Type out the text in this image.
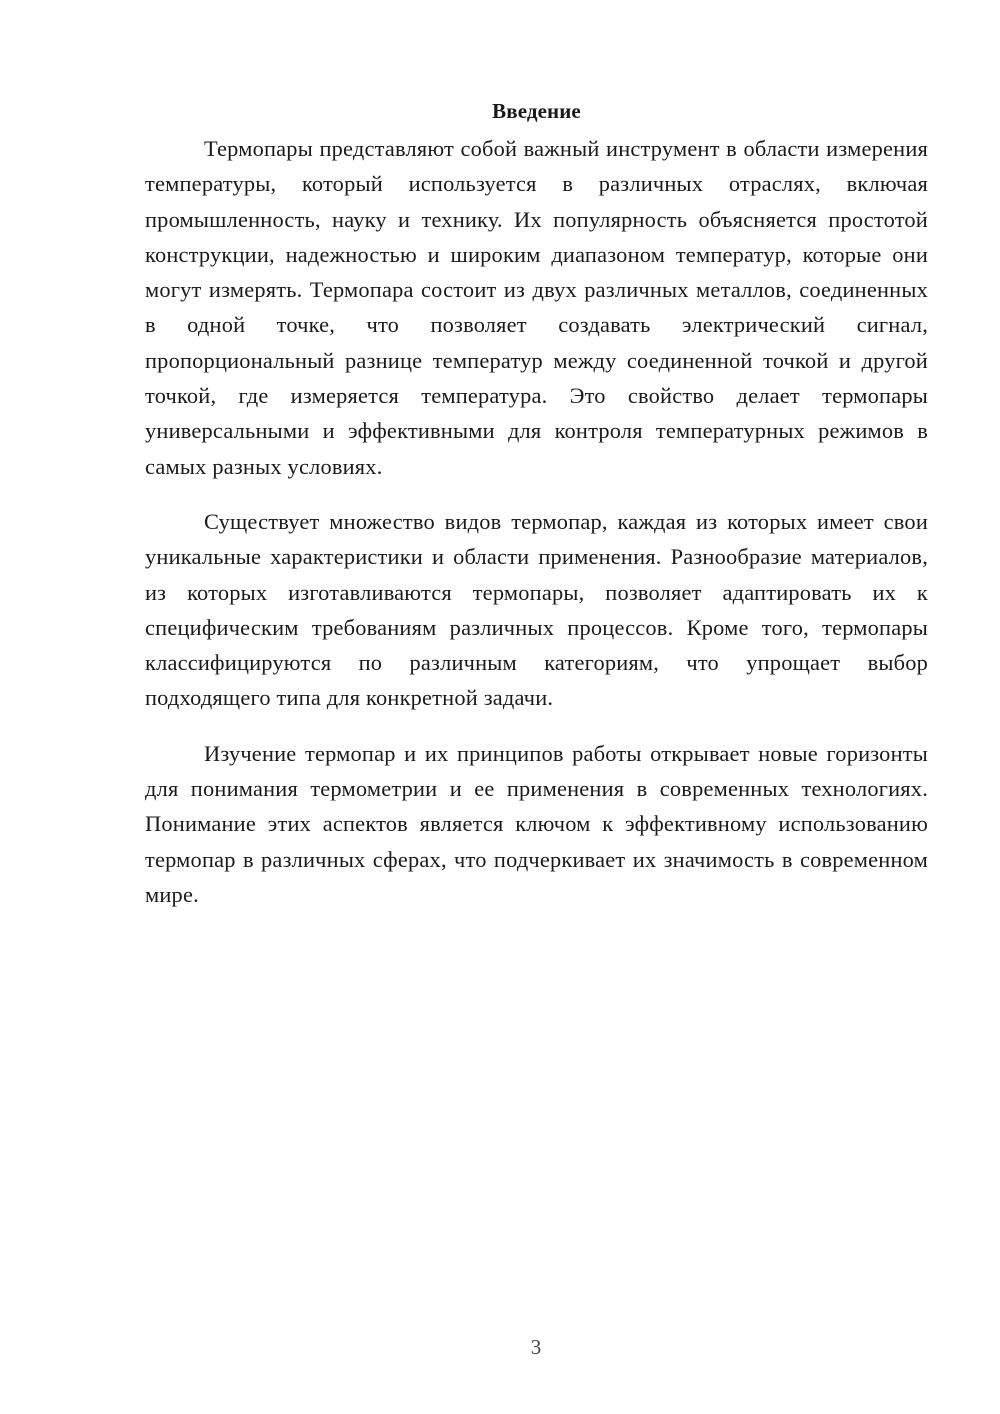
Введение

Термопары представляют собой важный инструмент в области измерения температуры, который используется в различных отраслях, включая промышленность, науку и технику. Их популярность объясняется простотой конструкции, надежностью и широким диапазоном температур, которые они могут измерять. Термопара состоит из двух различных металлов, соединенных в одной точке, что позволяет создавать электрический сигнал, пропорциональный разнице температур между соединенной точкой и другой точкой, где измеряется температура. Это свойство делает термопары универсальными и эффективными для контроля температурных режимов в самых разных условиях.

Существует множество видов термопар, каждая из которых имеет свои уникальные характеристики и области применения. Разнообразие материалов, из которых изготавливаются термопары, позволяет адаптировать их к специфическим требованиям различных процессов. Кроме того, термопары классифицируются по различным категориям, что упрощает выбор подходящего типа для конкретной задачи.

Изучение термопар и их принципов работы открывает новые горизонты для понимания термометрии и ее применения в современных технологиях. Понимание этих аспектов является ключом к эффективному использованию термопар в различных сферах, что подчеркивает их значимость в современном мире.

3
